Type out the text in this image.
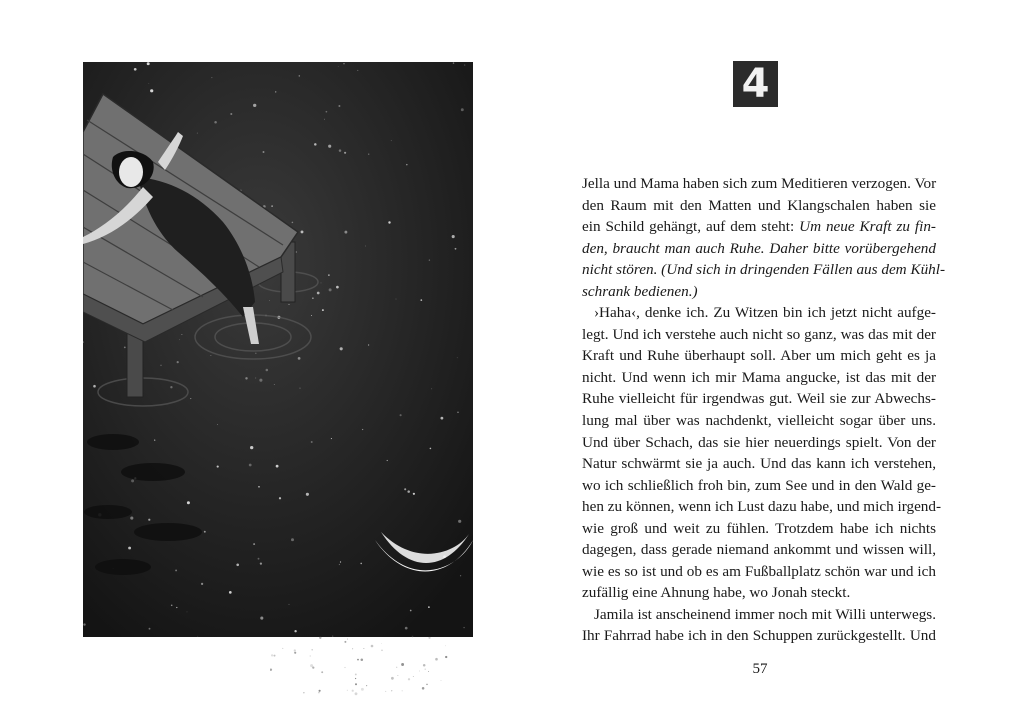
4

Jella und Mama haben sich zum Meditieren verzogen. Vor
den Raum mit den Matten und Klangschalen haben sie
ein Schild gehängt, auf dem steht: Um neue Kraft zu fin-
den, braucht man auch Ruhe. Daher bitte vorübergehend
nicht stören. (Und sich in dringenden Fällen aus dem Kühl-
schrank bedienen.)

›Haha‹, denke ich. Zu Witzen bin ich jetzt nicht aufge-
legt. Und ich verstehe auch nicht so ganz, was das mit der
Kraft und Ruhe überhaupt soll. Aber um mich geht es ja
nicht. Und wenn ich mir Mama angucke, ist das mit der
Ruhe vielleicht für irgendwas gut. Weil sie zur Abwechs-
lung mal über was nachdenkt, vielleicht sogar über uns.
Und über Schach, das sie hier neuerdings spielt. Von der
Natur schwärmt sie ja auch. Und das kann ich verstehen,
wo ich schließlich froh bin, zum See und in den Wald ge-
hen zu können, wenn ich Lust dazu habe, und mich irgend-
wie groß und weit zu fühlen. Trotzdem habe ich nichts
dagegen, dass gerade niemand ankommt und wissen will,
wie es so ist und ob es am Fußballplatz schön war und ich
zufällig eine Ahnung habe, wo Jonah steckt.

Jamila ist anscheinend immer noch mit Willi unterwegs.
Ihr Fahrrad habe ich in den Schuppen zurückgestellt. Und

57
